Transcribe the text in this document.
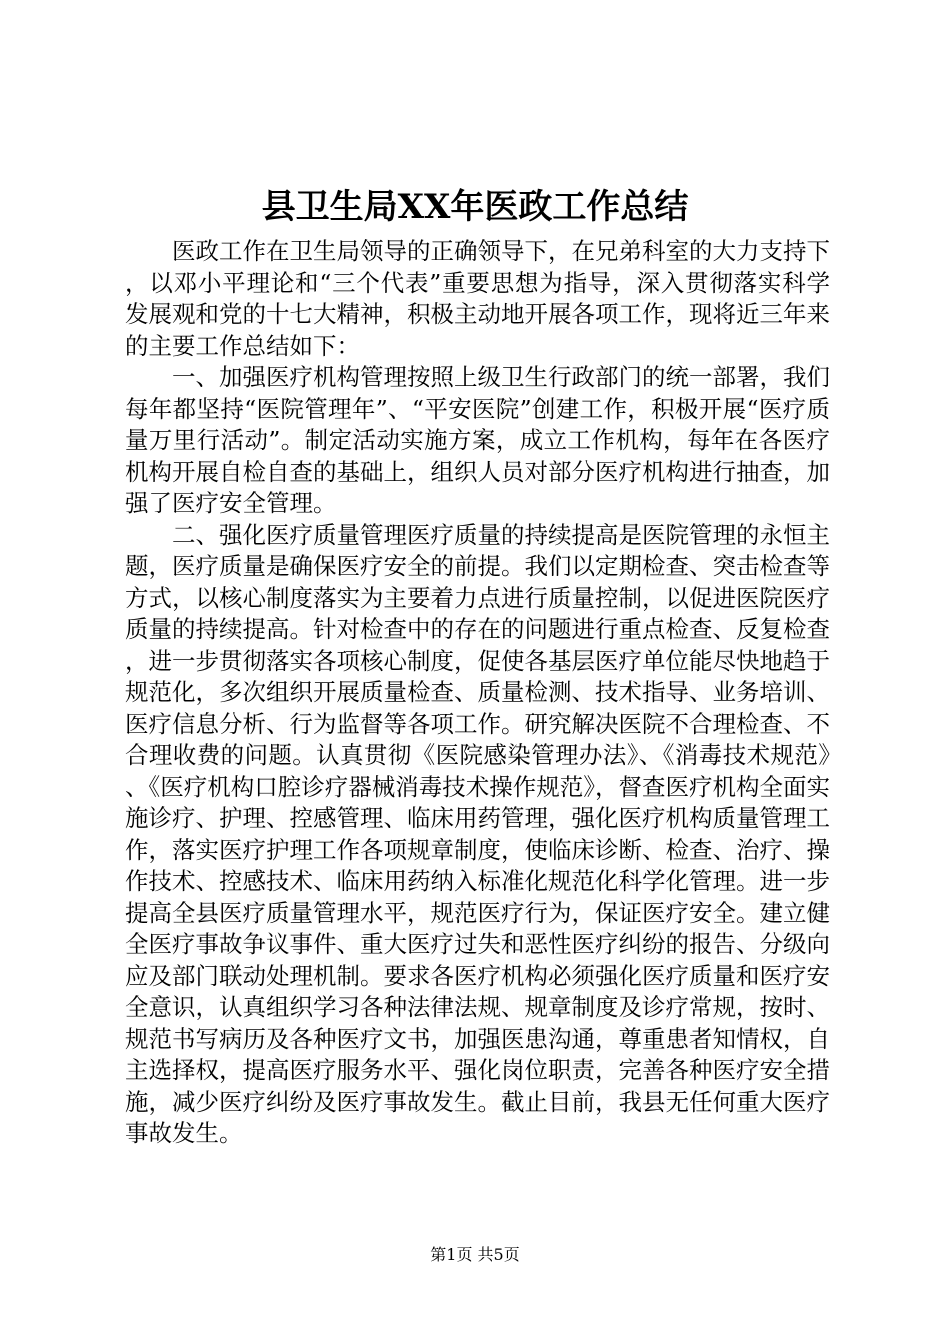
县卫生局XX年医政工作总结

医政工作在卫生局领导的正确领导下，在兄弟科室的大力支持下，以邓小平理论和“三个代表”重要思想为指导，深入贯彻落实科学发展观和党的十七大精神，积极主动地开展各项工作，现将近三年来的主要工作总结如下：

一、加强医疗机构管理按照上级卫生行政部门的统一部署，我们每年都坚持“医院管理年”、“平安医院”创建工作，积极开展“医疗质量万里行活动”。制定活动实施方案，成立工作机构，每年在各医疗机构开展自检自查的基础上，组织人员对部分医疗机构进行抽查，加强了医疗安全管理。

二、强化医疗质量管理医疗质量的持续提高是医院管理的永恒主题，医疗质量是确保医疗安全的前提。我们以定期检查、突击检查等方式，以核心制度落实为主要着力点进行质量控制，以促进医院医疗质量的持续提高。针对检查中的存在的问题进行重点检查、反复检查，进一步贯彻落实各项核心制度，促使各基层医疗单位能尽快地趋于规范化，多次组织开展质量检查、质量检测、技术指导、业务培训、医疗信息分析、行为监督等各项工作。研究解决医院不合理检查、不合理收费的问题。认真贯彻《医院感染管理办法》、《消毒技术规范》、《医疗机构口腔诊疗器械消毒技术操作规范》，督查医疗机构全面实施诊疗、护理、控感管理、临床用药管理，强化医疗机构质量管理工作，落实医疗护理工作各项规章制度，使临床诊断、检查、治疗、操作技术、控感技术、临床用药纳入标准化规范化科学化管理。进一步提高全县医疗质量管理水平，规范医疗行为，保证医疗安全。建立健全医疗事故争议事件、重大医疗过失和恶性医疗纠纷的报告、分级向应及部门联动处理机制。要求各医疗机构必须强化医疗质量和医疗安全意识，认真组织学习各种法律法规、规章制度及诊疗常规，按时、规范书写病历及各种医疗文书，加强医患沟通，尊重患者知情权，自主选择权，提高医疗服务水平、强化岗位职责，完善各种医疗安全措施，减少医疗纠纷及医疗事故发生。截止目前，我县无任何重大医疗事故发生。

第1页 共5页
